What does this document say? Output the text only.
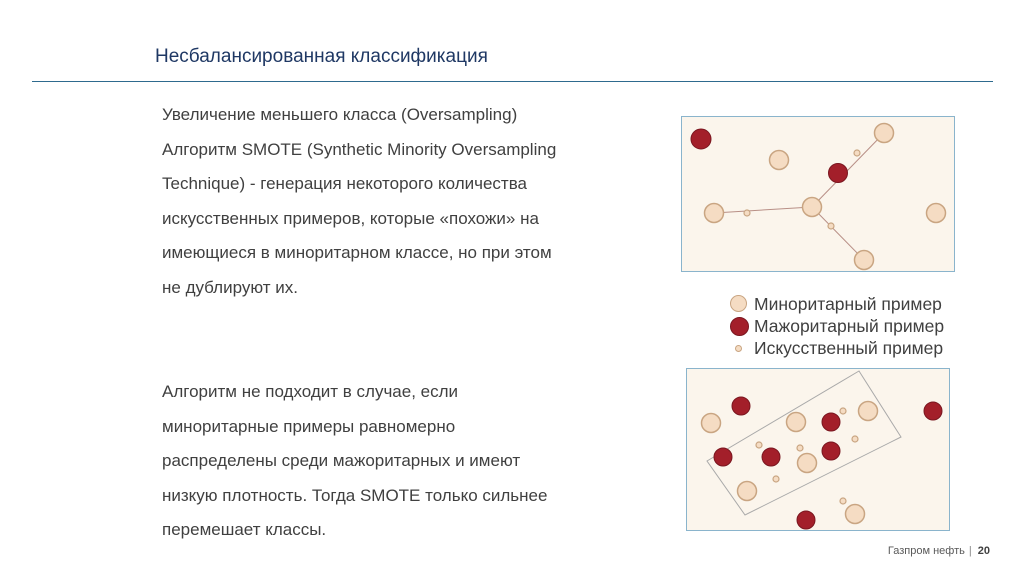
Несбалансированная классификация

Увеличение меньшего класса (Oversampling)

Алгоритм SMOTE (Synthetic Minority Oversampling

Technique) - генерация некоторого количества

искусственных примеров, которые «похожи» на

имеющиеся в миноритарном классе, но при этом

не дублируют их.

Алгоритм не подходит в случае, если

миноритарные примеры равномерно

распределены среди мажоритарных и имеют

низкую плотность. Тогда SMOTE только сильнее

перемешает классы.

Миноритарный пример
Мажоритарный пример
Искусственный пример
Газпром нефть | 20
